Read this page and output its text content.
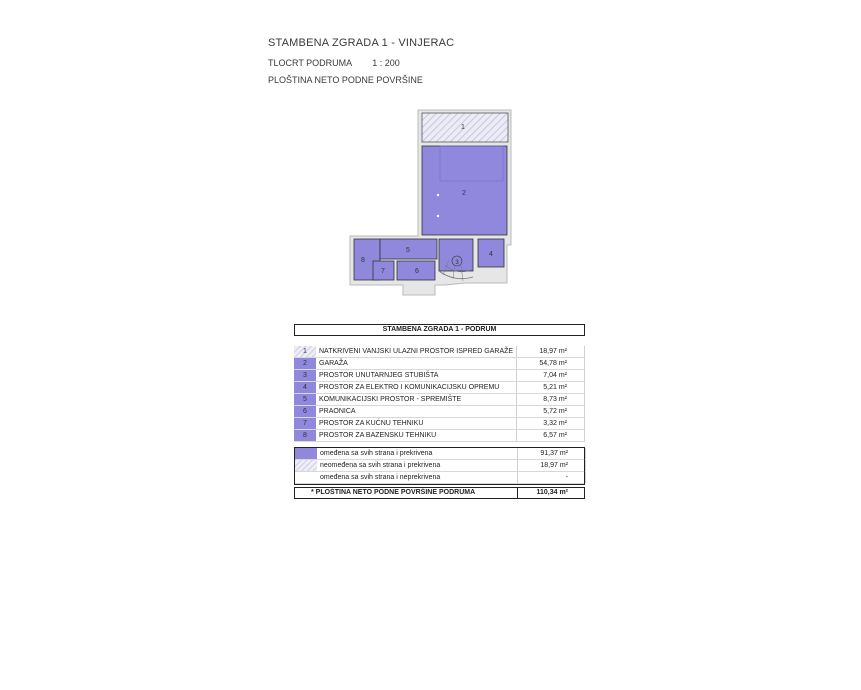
STAMBENA ZGRADA 1 - VINJERAC
TLOCRT PODRUMA 1 : 200
PLOŠTINA NETO PODNE POVRŠINE
1
2
3
4
5
6
7
8
STAMBENA ZGRADA 1 - PODRUM
1	NATKRIVENI VANJSKI ULAZNI PROSTOR ISPRED GARAŽE	18,97 m²
2	GARAŽA	54,78 m²
3	PROSTOR UNUTARNJEG STUBIŠTA	7,04 m²
4	PROSTOR ZA ELEKTRO I KOMUNIKACIJSKU OPREMU	5,21 m²
5	KOMUNIKACIJSKI PROSTOR - SPREMIŠTE	8,73 m²
6	PRAONICA	5,72 m²
7	PROSTOR ZA KUĆNU TEHNIKU	3,32 m²
8	PROSTOR ZA BAZENSKU TEHNIKU	6,57 m²
omeđena sa svih strana i prekrivena	91,37 m²
neomeđena sa svih strana i prekrivena	18,97 m²
omeđena sa svih strana i neprekrivena	-
* PLOŠTINA NETO PODNE POVRŠINE PODRUMA	110,34 m²
